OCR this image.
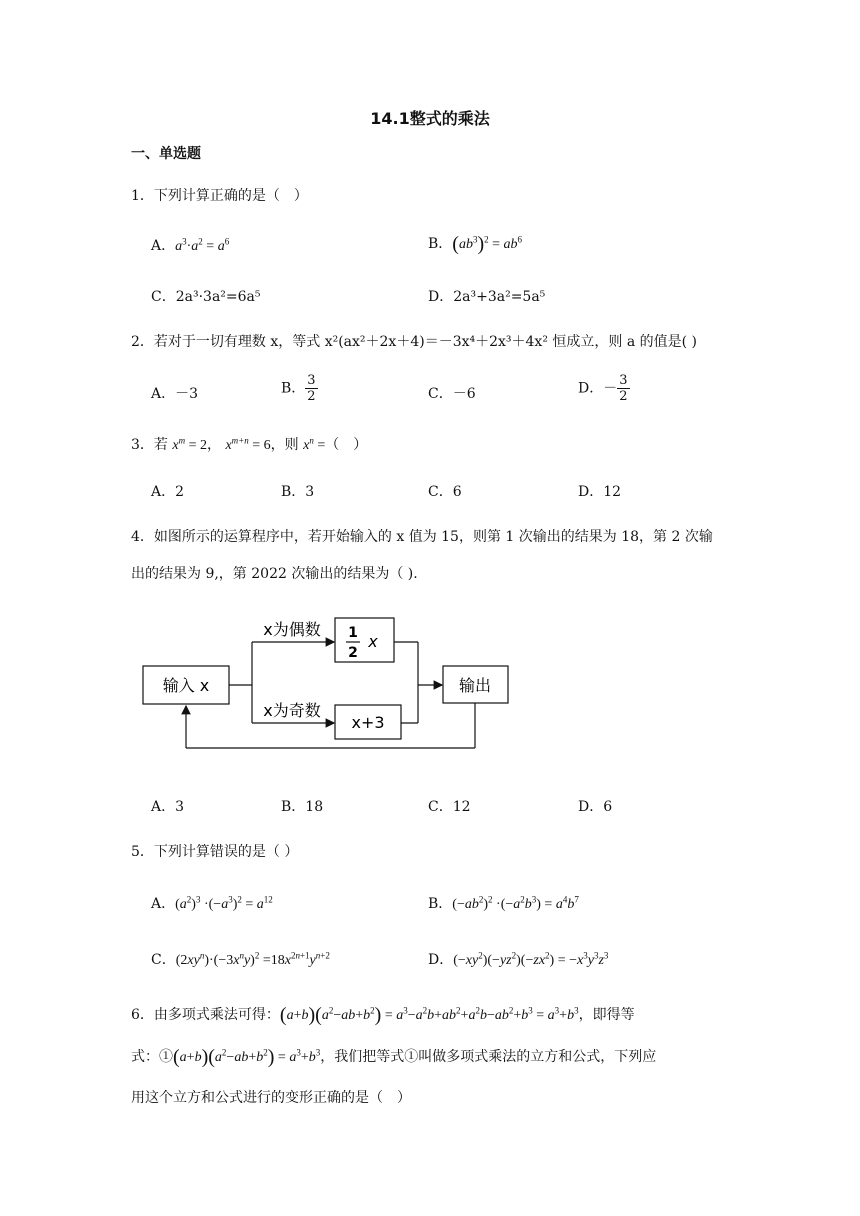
14.1整式的乘法
一、单选题
1．下列计算正确的是（　）
A．$a^3\cdot a^2 = a^6$	B．$(ab^3)^2 = ab^6$
C．2a³·3a²=6a⁵	D．2a³+3a²=5a⁵
2．若对于一切有理数 x，等式 x²(ax²＋2x＋4)＝－3x⁴＋2x³＋4x² 恒成立，则 a 的值是( )
A．－3	B． $\frac{3}{2}$	C．－6	D．－ $\frac{3}{2}$
3．若 $x^m = 2$， $x^{m+n} = 6$，则 $x^n$ =（　）
A．2	B．3	C．6	D．12
4．如图所示的运算程序中，若开始输入的 x 值为 15，则第 1 次输出的结果为 18，第 2 次输
出的结果为 9,，第 2022 次输出的结果为（ ).
输入 x
x为偶数
x为奇数
1
2
x
x+3
输出
A．3	B．18	C．12	D．6
5．下列计算错误的是（ ）
A．$(a^2)^3 \cdot(-a^3)^2 = a^{12}$	B．$(-ab^2)^2 \cdot(-a^2b^3) = a^4b^7$
C．$(2xy^n)\cdot(-3x^ny)^2 =18x^{2n+1}y^{n+2}$	D．$(-xy^2)(-yz^2)(-zx^2) = -x^3y^3z^3$
6．由多项式乘法可得：$(a+b)(a^2-ab+b^2) = a^3-a^2b+ab^2+a^2b-ab^2+b^3 = a^3+b^3$，即得等
式：$①(a+b)(a^2-ab+b^2) = a^3+b^3$，我们把等式①叫做多项式乘法的立方和公式，下列应
用这个立方和公式进行的变形正确的是（　）
